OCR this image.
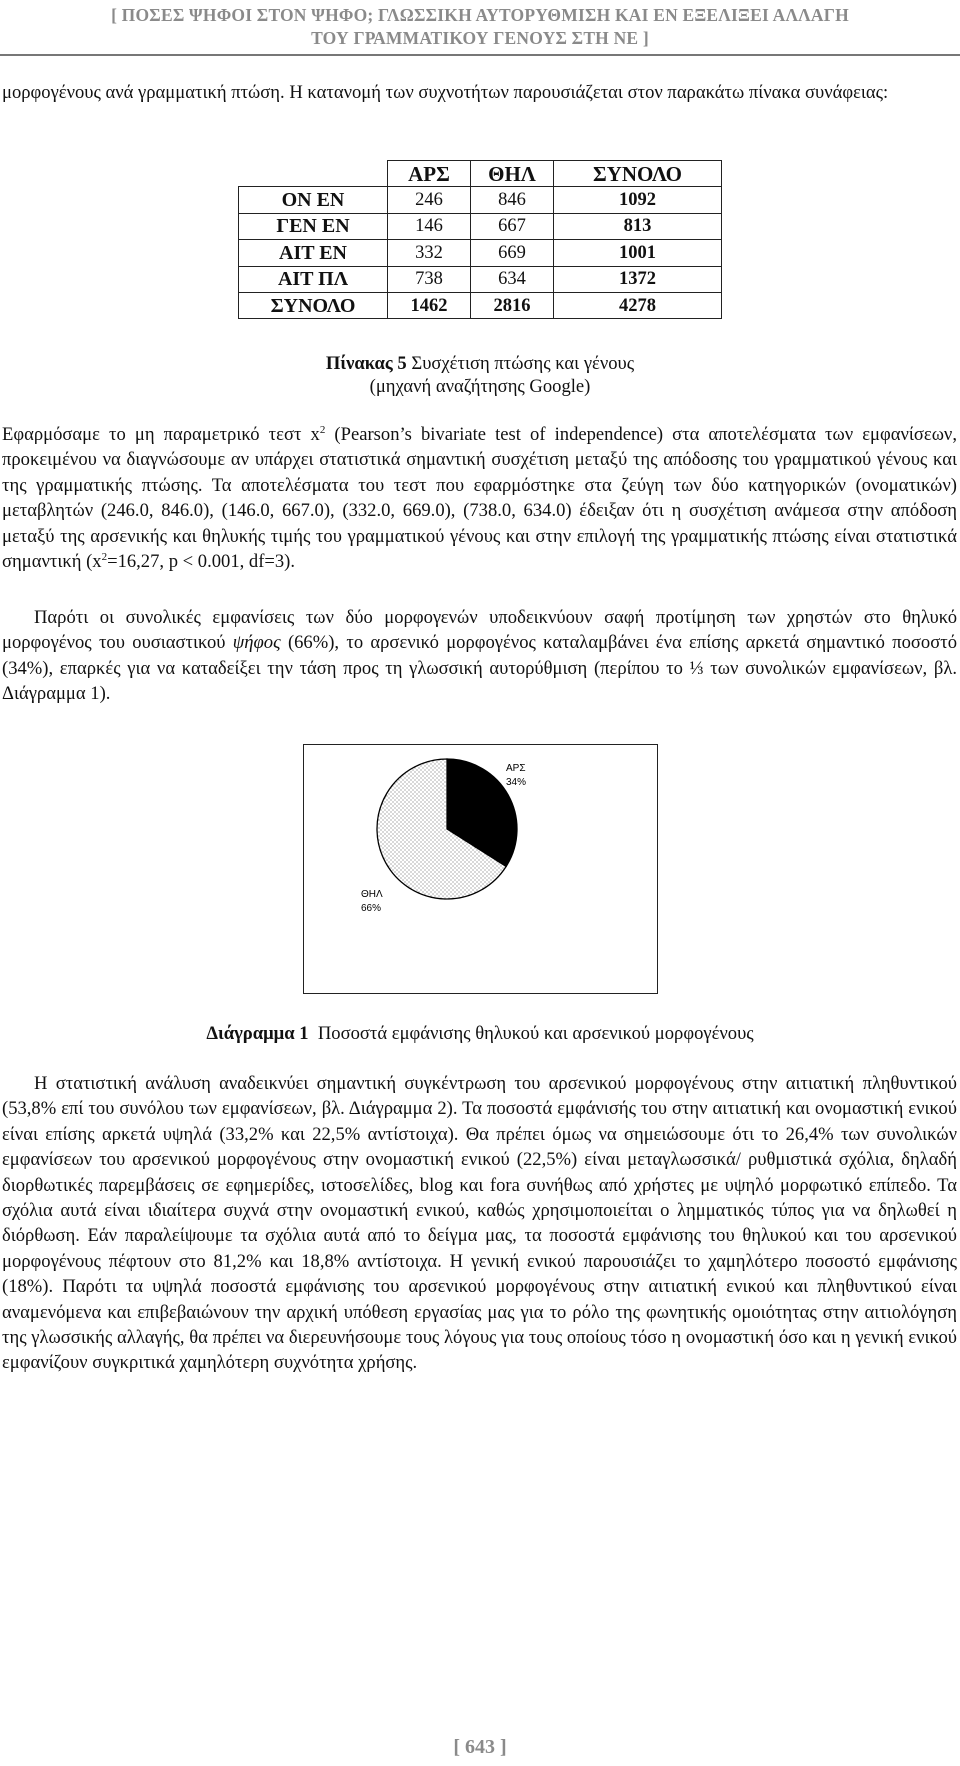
[ ΠΟΣΕΣ ΨΗΦΟΙ ΣΤΟΝ ΨΗΦΟ; ΓΛΩΣΣΙΚΗ ΑΥΤΟΡΥΘΜΙΣΗ ΚΑΙ ΕΝ ΕΞΕΛΙΞΕΙ ΑΛΛΑΓΗ
ΤΟΥ ΓΡΑΜΜΑΤΙΚΟΥ ΓΕΝΟΥΣ ΣΤΗ ΝΕ ]

μορφογένους ανά γραμματική πτώση. Η κατανομή των συχνοτήτων παρουσιάζεται στον παρακάτω πίνακα συνάφειας:

	ΑΡΣ	ΘΗΛ	ΣΥΝΟΛΟ
ΟΝ ΕΝ	246	846	1092
ΓΕΝ ΕΝ	146	667	813
ΑΙΤ ΕΝ	332	669	1001
ΑΙΤ ΠΛ	738	634	1372
ΣΥΝΟΛΟ	1462	2816	4278
Πίνακας 5 Συσχέτιση πτώσης και γένους
(μηχανή αναζήτησης Google)

Εφαρμόσαμε το μη παραμετρικό τεστ $x^2$ (Pearson’s bivariate test of independence) στα αποτελέσματα των εμφανίσεων, προκειμένου να διαγνώσουμε αν υπάρχει στατιστικά σημαντική συσχέτιση μεταξύ της απόδοσης του γραμματικού γένους και της γραμματικής πτώσης. Τα αποτελέσματα του τεστ που εφαρμόστηκε στα ζεύγη των δύο κατηγορικών (ονοματικών) μεταβλητών (246.0, 846.0), (146.0, 667.0), (332.0, 669.0), (738.0, 634.0) έδειξαν ότι η συσχέτιση ανάμεσα στην απόδοση μεταξύ της αρσενικής και θηλυκής τιμής του γραμματικού γένους και στην επιλογή της γραμματικής πτώσης είναι στατιστικά σημαντική ($x^2=16,27$, p < 0.001, df=3).

Παρότι οι συνολικές εμφανίσεις των δύο μορφογενών υποδεικνύουν σαφή προτίμηση των χρηστών στο θηλυκό μορφογένος του ουσιαστικού ψήφος (66%), το αρσενικό μορφογένος καταλαμβάνει ένα επίσης αρκετά σημαντικό ποσοστό (34%), επαρκές για να καταδείξει την τάση προς τη γλωσσική αυτορύθμιση (περίπου το ⅓ των συνολικών εμφανίσεων, βλ. Διάγραμμα 1).

ΑΡΣ
34%
ΘΗΛ
66%
Διάγραμμα 1  Ποσοστά εμφάνισης θηλυκού και αρσενικού μορφογένους

Η στατιστική ανάλυση αναδεικνύει σημαντική συγκέντρωση του αρσενικού μορφογένους στην αιτιατική πληθυντικού (53,8% επί του συνόλου των εμφανίσεων, βλ. Διάγραμμα 2). Τα ποσοστά εμφάνισής του στην αιτιατική και ονομαστική ενικού είναι επίσης αρκετά υψηλά (33,2% και 22,5% αντίστοιχα). Θα πρέπει όμως να σημειώσουμε ότι το 26,4% των συνολικών εμφανίσεων του αρσενικού μορφογένους στην ονομαστική ενικού (22,5%) είναι μεταγλωσσικά/ ρυθμιστικά σχόλια, δηλαδή διορθωτικές παρεμβάσεις σε εφημερίδες, ιστοσελίδες, blog και fora συνήθως από χρήστες με υψηλό μορφωτικό επίπεδο. Τα σχόλια αυτά είναι ιδιαίτερα συχνά στην ονομαστική ενικού, καθώς χρησιμοποιείται ο λημματικός τύπος για να δηλωθεί η διόρθωση. Εάν παραλείψουμε τα σχόλια αυτά από το δείγμα μας, τα ποσοστά εμφάνισης του θηλυκού και του αρσενικού μορφογένους πέφτουν στο 81,2% και 18,8% αντίστοιχα. Η γενική ενικού παρουσιάζει το χαμηλότερο ποσοστό εμφάνισης (18%). Παρότι τα υψηλά ποσοστά εμφάνισης του αρσενικού μορφογένους στην αιτιατική ενικού και πληθυντικού είναι αναμενόμενα και επιβεβαιώνουν την αρχική υπόθεση εργασίας μας για το ρόλο της φωνητικής ομοιότητας στην αιτιολόγηση της γλωσσικής αλλαγής, θα πρέπει να διερευνήσουμε τους λόγους για τους οποίους τόσο η ονομαστική όσο και η γενική ενικού εμφανίζουν συγκριτικά χαμηλότερη συχνότητα χρήσης.

[ 643 ]
